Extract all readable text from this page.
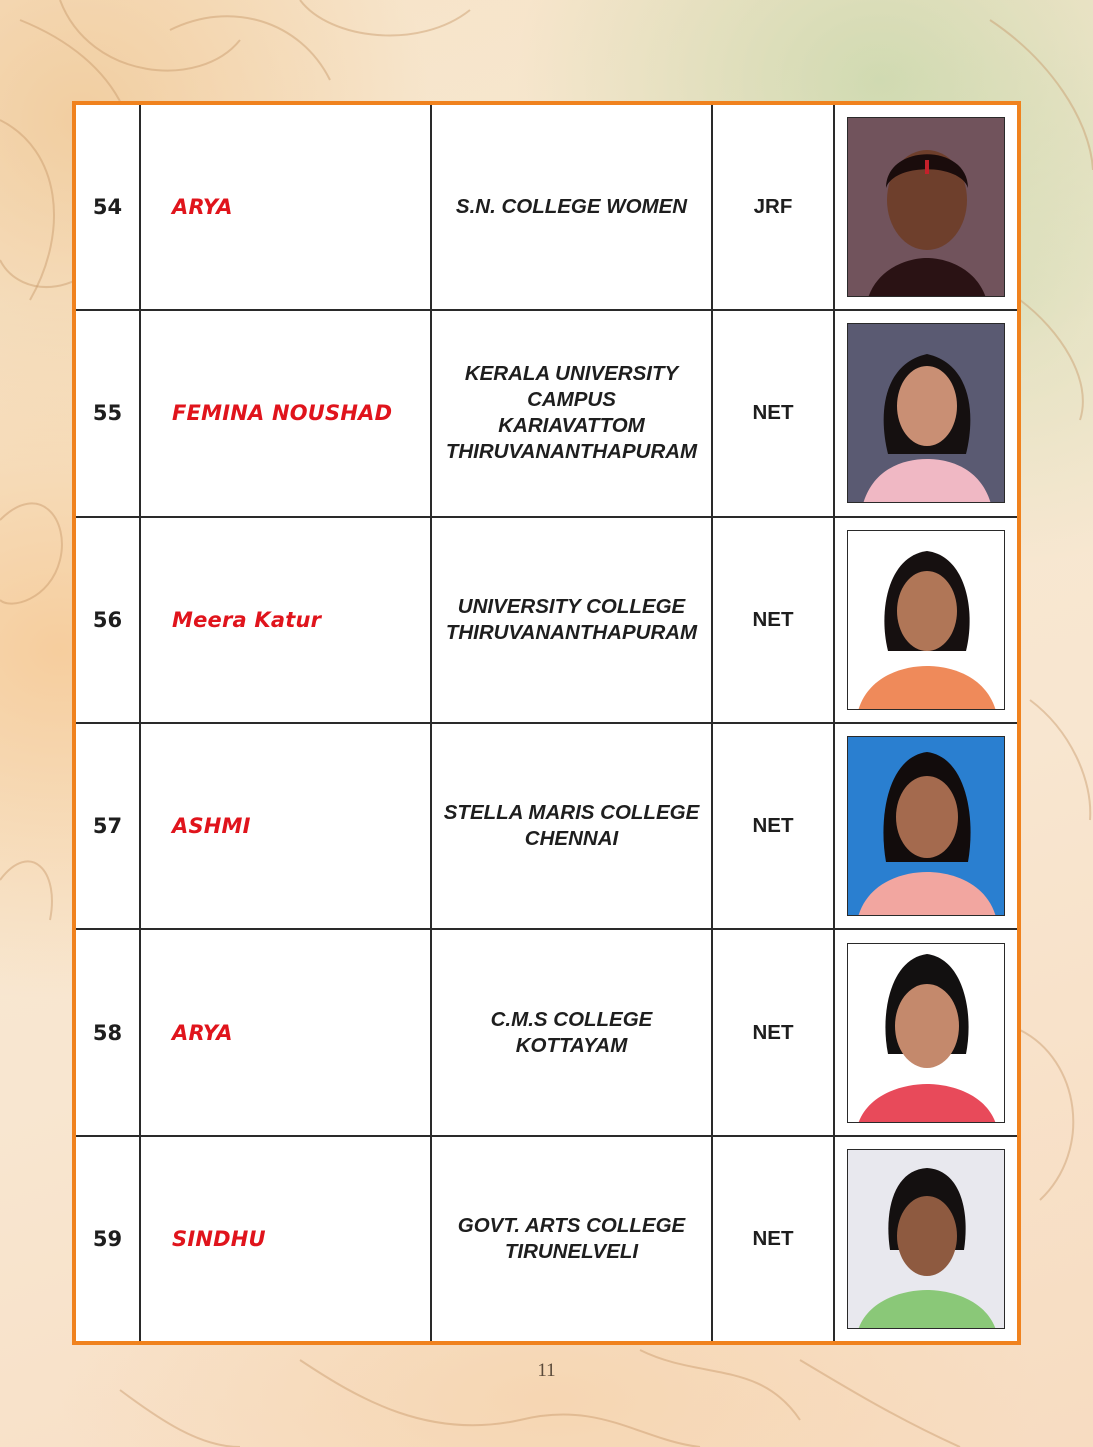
54	ARYA	S.N. COLLEGE WOMEN	JRF	

55	FEMINA NOUSHAD	KERALA UNIVERSITY
CAMPUS
KARIAVATTOM
THIRUVANANTHAPURAM	NET	

56	Meera Katur	UNIVERSITY COLLEGE
THIRUVANANTHAPURAM	NET	

57	ASHMI	STELLA MARIS COLLEGE
CHENNAI	NET	

58	ARYA	C.M.S COLLEGE
KOTTAYAM	NET	

59	SINDHU	GOVT. ARTS COLLEGE
TIRUNELVELI	NET	
11
